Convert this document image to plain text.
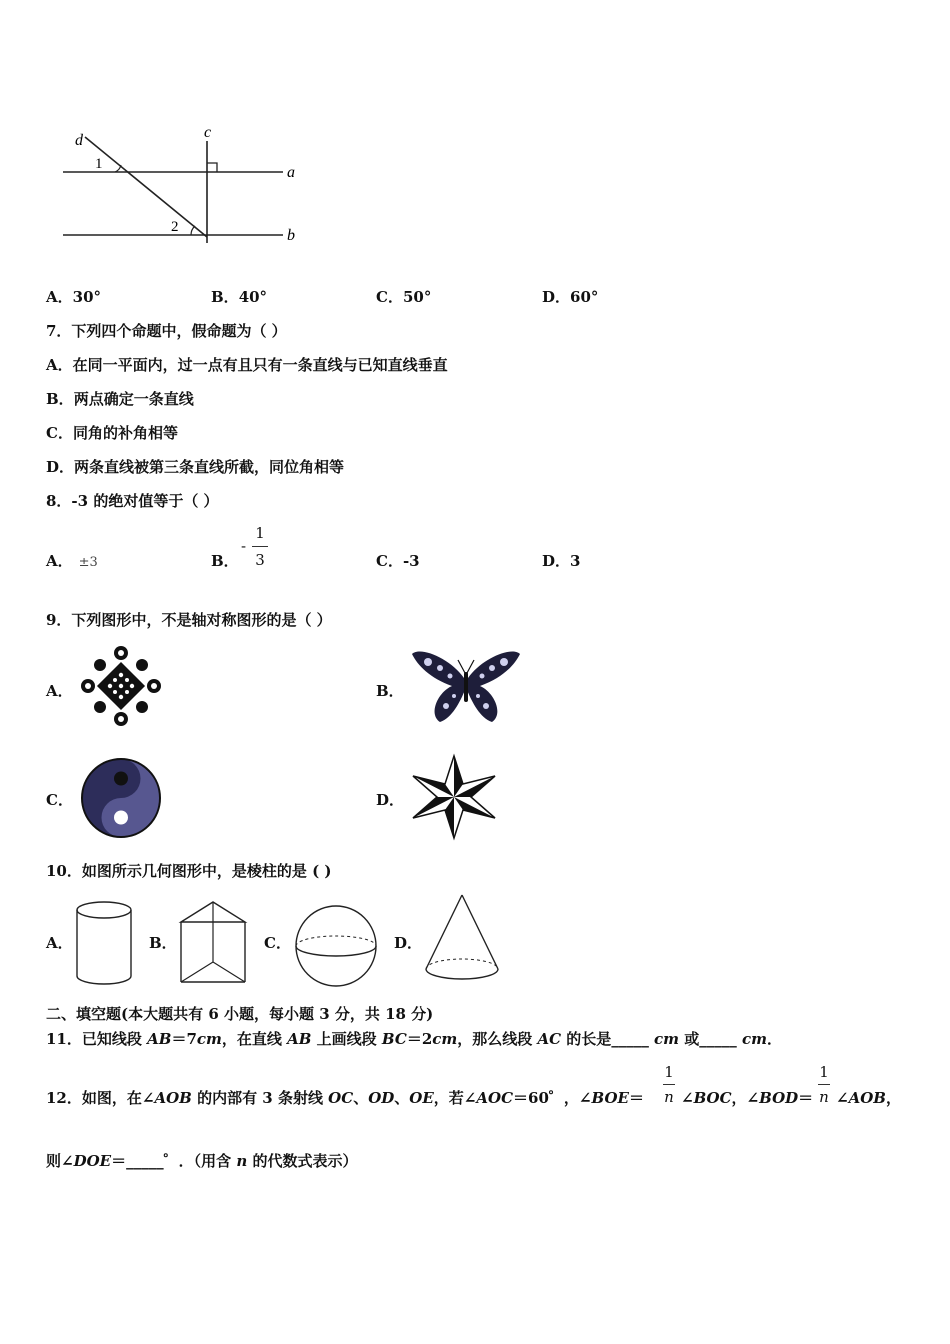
d	c
a
b
1
2
A．30°	B．40°	C．50°	D．60°
7．下列四个命题中，假命题为（ ）
A．在同一平面内，过一点有且只有一条直线与已知直线垂直
B．两点确定一条直线
C．同角的补角相等
D．两条直线被第三条直线所截，同位角相等
8．-3 的绝对值等于（ ）
A． ±3	B．
-
1
3	C．-3	D．3
9．下列图形中，不是轴对称图形的是（ ）
A．	B．
C．	D．
10．如图所示几何图形中，是棱柱的是 ( )
A．	B．	C．	D．
二、填空题(本大题共有 6 小题，每小题 3 分，共 18 分)
11．已知线段 AB＝7cm，在直线 AB 上画线段 BC＝2cm，那么线段 AC 的长是_____ cm 或_____ cm．
12．如图，在∠AOB 的内部有 3 条射线 OC、OD、OE，若∠AOC＝60゜，∠BOE＝
1
n ∠BOC，∠BOD＝
1
n ∠AOB，
则∠DOE＝_____゜．（用含 n 的代数式表示）
